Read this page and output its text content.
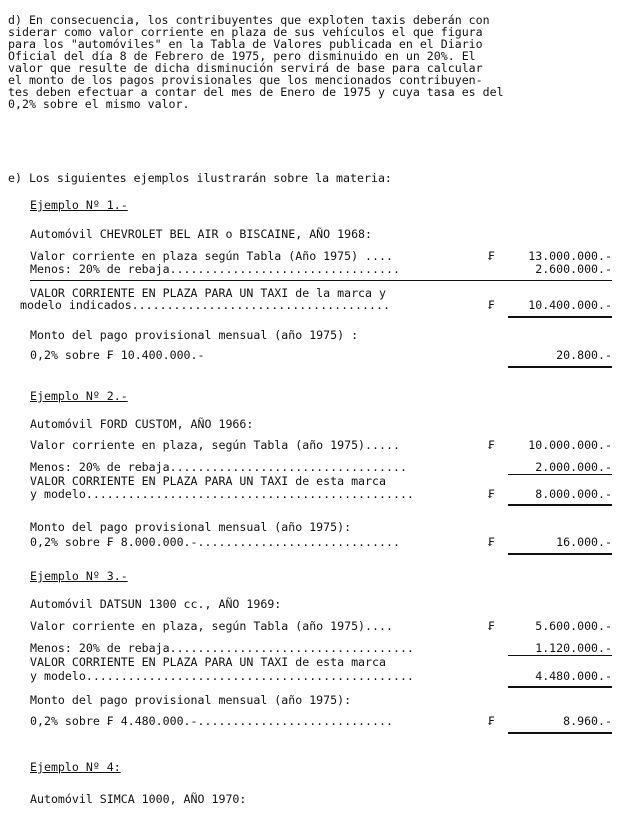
d) En consecuencia, los contribuyentes que exploten taxis deberán con
siderar como valor corriente en plaza de sus vehículos el que figura
para los "automóviles" en la Tabla de Valores publicada en el Diario
Oficial del día 8 de Febrero de 1975, pero disminuido en un 20%. El
valor que resulte de dicha disminución servirá de base para calcular
el monto de los pagos provisionales que los mencionados contribuyen-
tes deben efectuar a contar del mes de Enero de 1975 y cuya tasa es del
0,2% sobre el mismo valor.
e) Los siguientes ejemplos ilustrarán sobre la materia:
Ejemplo Nº 1.-
Automóvil CHEVROLET BEL AIR o BISCAINE, AÑO 1968:
Valor corriente en plaza según Tabla (Año 1975) ....	₣	13.000.000.-
Menos: 20% de rebaja.................................	2.600.000.-
VALOR CORRIENTE EN PLAZA PARA UN TAXI de la marca y
modelo indicados.....................................	₣	10.400.000.-
Monto del pago provisional mensual (año 1975) :
0,2% sobre ₣ 10.400.000.-	20.800.-
Ejemplo Nº 2.-
Automóvil FORD CUSTOM, AÑO 1966:
Valor corriente en plaza, según Tabla (año 1975).....	₣	10.000.000.-
Menos: 20% de rebaja..................................	2.000.000.-
VALOR CORRIENTE EN PLAZA PARA UN TAXI de esta marca
y modelo...............................................	₣	8.000.000.-
Monto del pago provisional mensual (año 1975):
0,2% sobre ₣ 8.000.000.-.............................	₣	16.000.-
Ejemplo Nº 3.-
Automóvil DATSUN 1300 cc., AÑO 1969:
Valor corriente en plaza, según Tabla (año 1975)....	₣	5.600.000.-
Menos: 20% de rebaja...................................	1.120.000.-
VALOR CORRIENTE EN PLAZA PARA UN TAXI de esta marca
y modelo...............................................	4.480.000.-
Monto del pago provisional mensual (año 1975):
0,2% sobre ₣ 4.480.000.-............................	₣	8.960.-
Ejemplo Nº 4:
Automóvil SIMCA 1000, AÑO 1970:
